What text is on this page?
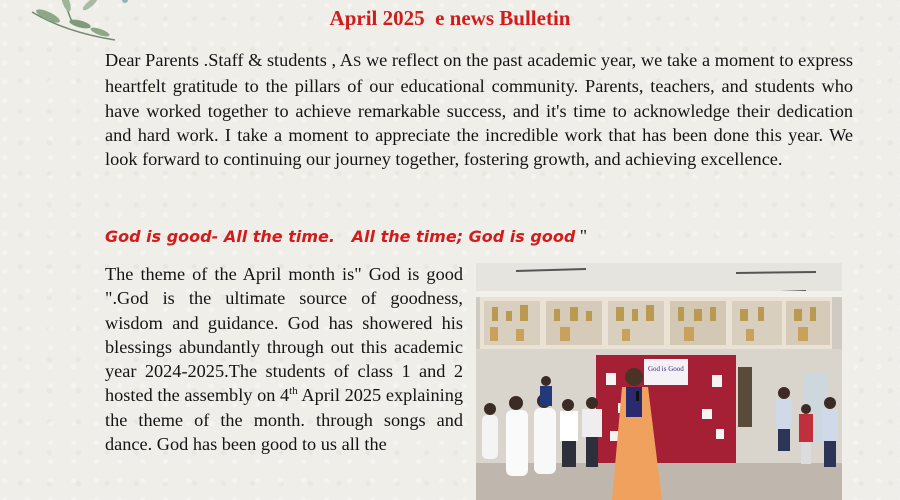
April 2025  e news Bulletin

Dear Parents .Staff & students , AS we reflect on the past academic year, we take a moment to express heartfelt gratitude to the pillars of our educational community. Parents, teachers, and students who have worked together to achieve remarkable success, and it's time to acknowledge their dedication and hard work. I take a moment to appreciate the incredible work that has been done this year. We look forward to continuing our journey together, fostering growth, and achieving excellence.

God is good- All the time.   All the time; God is good "

The theme of the April month is" God is good ".God is the ultimate source of goodness, wisdom and guidance. God has showered his blessings abundantly through out this academic year 2024-2025.The students of class 1 and 2 hosted the assembly on 4th April 2025 explaining the theme of the month. through songs and dance. God has been good to us all the

God is Good
